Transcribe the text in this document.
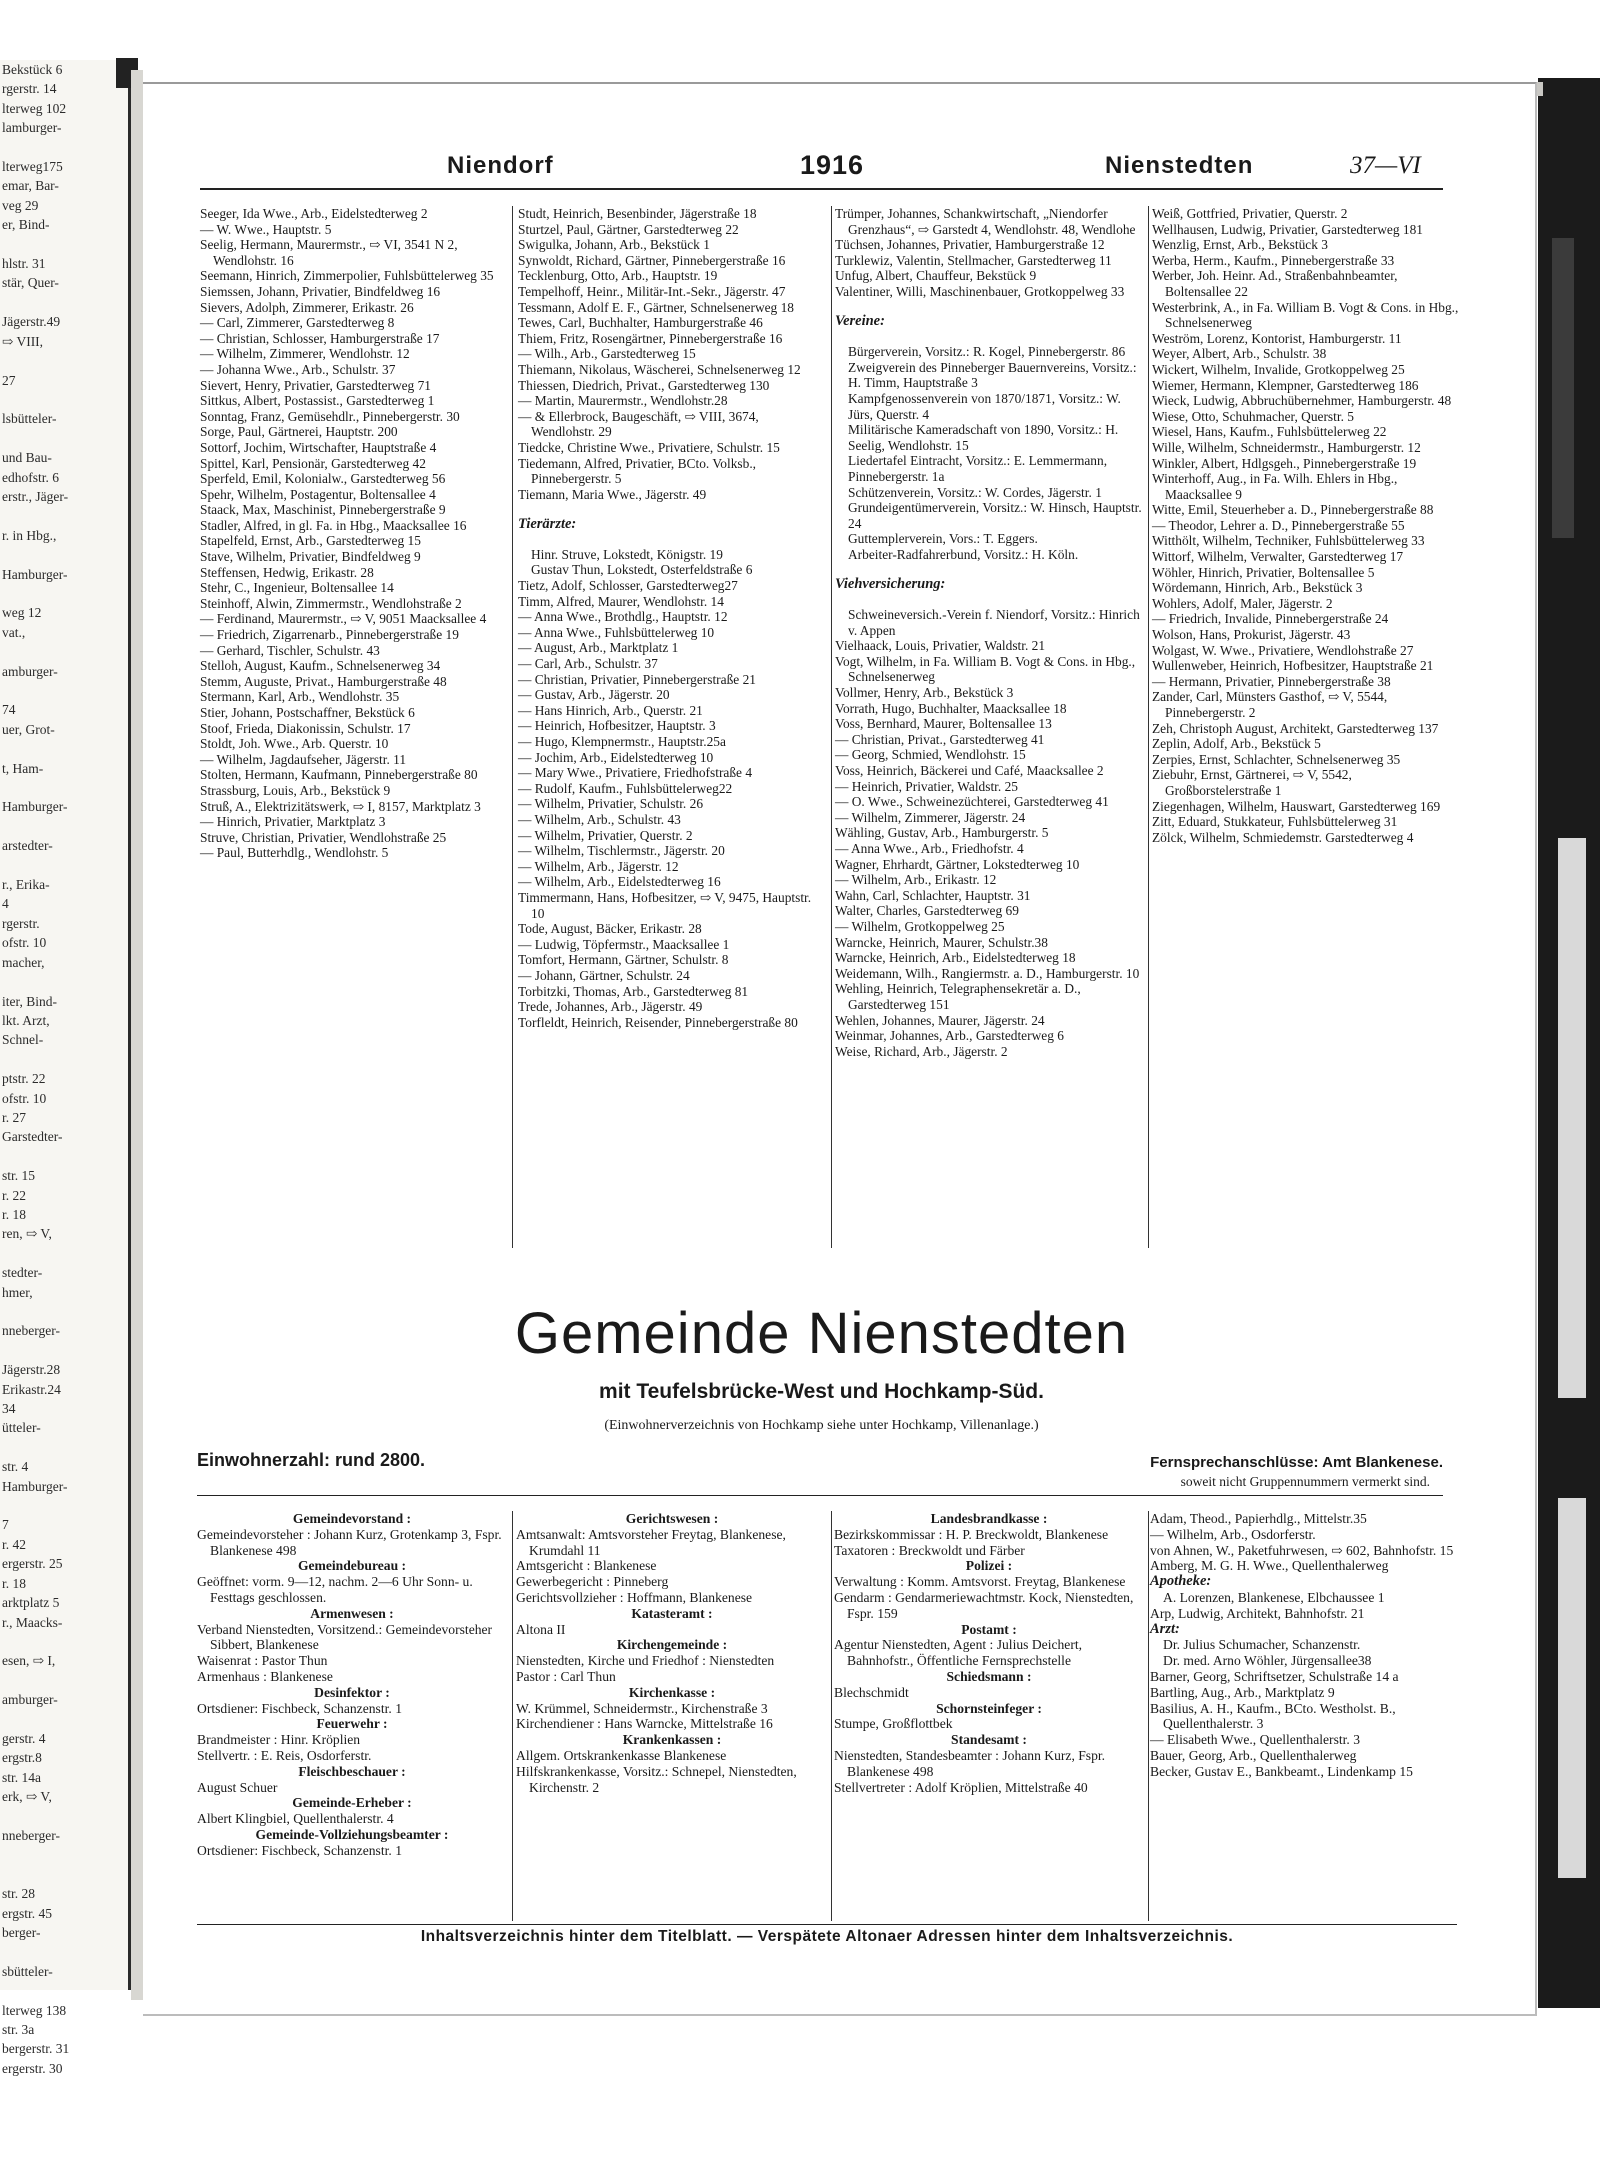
Bekstück 6
rgerstr. 14
lterweg 102
lamburger-

lterweg175
emar, Bar-
veg 29
er, Bind-

hlstr. 31
stär, Quer-

Jägerstr.49
⇨ VIII,

27

lsbütteler-

und Bau-
edhofstr. 6
erstr., Jäger-

r. in Hbg.,

Hamburger-

weg 12
vat.,

amburger-

74
uer, Grot-

t, Ham-

Hamburger-

arstedter-

r., Erika-
4
rgerstr.
ofstr. 10
macher,

iter, Bind-
lkt. Arzt,
Schnel-

ptstr. 22
ofstr. 10
r. 27
Garstedter-

str. 15
r. 22
r. 18
ren, ⇨ V,

stedter-
hmer,

nneberger-

Jägerstr.28
Erikastr.24
34
ütteler-

str. 4
Hamburger-

7
r. 42
ergerstr. 25
r. 18
arktplatz 5
r., Maacks-

esen, ⇨ I,

amburger-

gerstr. 4
ergstr.8
str. 14a
erk, ⇨ V,

nneberger-

str. 28
ergstr. 45
berger-

sbütteler-

lterweg 138
str. 3a
bergerstr. 31
ergerstr. 30

Niendorf	1916	Nienstedten	37—VI

Seeger, Ida Wwe., Arb., Eidelstedterweg 2

— W. Wwe., Hauptstr. 5

Seelig, Hermann, Maurermstr., ⇨ VI, 3541 N 2, Wendlohstr. 16

Seemann, Hinrich, Zimmerpolier, Fuhlsbüttelerweg 35

Siemssen, Johann, Privatier, Bindfeldweg 16

Sievers, Adolph, Zimmerer, Erikastr. 26

— Carl, Zimmerer, Garstedterweg 8

— Christian, Schlosser, Hamburgerstraße 17

— Wilhelm, Zimmerer, Wendlohstr. 12

— Johanna Wwe., Arb., Schulstr. 37

Sievert, Henry, Privatier, Garstedterweg 71

Sittkus, Albert, Postassist., Garstedterweg 1

Sonntag, Franz, Gemüsehdlr., Pinnebergerstr. 30

Sorge, Paul, Gärtnerei, Hauptstr. 200

Sottorf, Jochim, Wirtschafter, Hauptstraße 4

Spittel, Karl, Pensionär, Garstedterweg 42

Sperfeld, Emil, Kolonialw., Garstedterweg 56

Spehr, Wilhelm, Postagentur, Boltensallee 4

Staack, Max, Maschinist, Pinnebergerstraße 9

Stadler, Alfred, in gl. Fa. in Hbg., Maacksallee 16

Stapelfeld, Ernst, Arb., Garstedterweg 15

Stave, Wilhelm, Privatier, Bindfeldweg 9

Steffensen, Hedwig, Erikastr. 28

Stehr, C., Ingenieur, Boltensallee 14

Steinhoff, Alwin, Zimmermstr., Wendlohstraße 2

— Ferdinand, Maurermstr., ⇨ V, 9051 Maacksallee 4

— Friedrich, Zigarrenarb., Pinnebergerstraße 19

— Gerhard, Tischler, Schulstr. 43

Stelloh, August, Kaufm., Schnelsenerweg 34

Stemm, Auguste, Privat., Hamburgerstraße 48

Stermann, Karl, Arb., Wendlohstr. 35

Stier, Johann, Postschaffner, Bekstück 6

Stoof, Frieda, Diakonissin, Schulstr. 17

Stoldt, Joh. Wwe., Arb. Querstr. 10

— Wilhelm, Jagdaufseher, Jägerstr. 11

Stolten, Hermann, Kaufmann, Pinnebergerstraße 80

Strassburg, Louis, Arb., Bekstück 9

Struß, A., Elektrizitätswerk, ⇨ I, 8157, Marktplatz 3

— Hinrich, Privatier, Marktplatz 3

Struve, Christian, Privatier, Wendlohstraße 25

— Paul, Butterhdlg., Wendlohstr. 5

Studt, Heinrich, Besenbinder, Jägerstraße 18

Sturtzel, Paul, Gärtner, Garstedterweg 22

Swigulka, Johann, Arb., Bekstück 1

Synwoldt, Richard, Gärtner, Pinnebergerstraße 16

Tecklenburg, Otto, Arb., Hauptstr. 19

Tempelhoff, Heinr., Militär-Int.-Sekr., Jägerstr. 47

Tessmann, Adolf E. F., Gärtner, Schnelsenerweg 18

Tewes, Carl, Buchhalter, Hamburgerstraße 46

Thiem, Fritz, Rosengärtner, Pinnebergerstraße 16

— Wilh., Arb., Garstedterweg 15

Thiemann, Nikolaus, Wäscherei, Schnelsenerweg 12

Thiessen, Diedrich, Privat., Garstedterweg 130

— Martin, Maurermstr., Wendlohstr.28

— & Ellerbrock, Baugeschäft, ⇨ VIII, 3674, Wendlohstr. 29

Tiedcke, Christine Wwe., Privatiere, Schulstr. 15

Tiedemann, Alfred, Privatier, BCto. Volksb., Pinnebergerstr. 5

Tiemann, Maria Wwe., Jägerstr. 49

Tierärzte:

Hinr. Struve, Lokstedt, Königstr. 19

Gustav Thun, Lokstedt, Osterfeldstraße 6

Tietz, Adolf, Schlosser, Garstedterweg27

Timm, Alfred, Maurer, Wendlohstr. 14

— Anna Wwe., Brothdlg., Hauptstr. 12

— Anna Wwe., Fuhlsbüttelerweg 10

— August, Arb., Marktplatz 1

— Carl, Arb., Schulstr. 37

— Christian, Privatier, Pinnebergerstraße 21

— Gustav, Arb., Jägerstr. 20

— Hans Hinrich, Arb., Querstr. 21

— Heinrich, Hofbesitzer, Hauptstr. 3

— Hugo, Klempnermstr., Hauptstr.25a

— Jochim, Arb., Eidelstedterweg 10

— Mary Wwe., Privatiere, Friedhofstraße 4

— Rudolf, Kaufm., Fuhlsbüttelerweg22

— Wilhelm, Privatier, Schulstr. 26

— Wilhelm, Arb., Schulstr. 43

— Wilhelm, Privatier, Querstr. 2

— Wilhelm, Tischlermstr., Jägerstr. 20

— Wilhelm, Arb., Jägerstr. 12

— Wilhelm, Arb., Eidelstedterweg 16

Timmermann, Hans, Hofbesitzer, ⇨ V, 9475, Hauptstr. 10

Tode, August, Bäcker, Erikastr. 28

— Ludwig, Töpfermstr., Maacksallee 1

Tomfort, Hermann, Gärtner, Schulstr. 8

— Johann, Gärtner, Schulstr. 24

Torbitzki, Thomas, Arb., Garstedterweg 81

Trede, Johannes, Arb., Jägerstr. 49

Torfleldt, Heinrich, Reisender, Pinnebergerstraße 80

Trümper, Johannes, Schankwirtschaft, „Niendorfer Grenzhaus“, ⇨ Garstedt 4, Wendlohstr. 48, Wendlohe

Tüchsen, Johannes, Privatier, Hamburgerstraße 12

Turklewiz, Valentin, Stellmacher, Garstedterweg 11

Unfug, Albert, Chauffeur, Bekstück 9

Valentiner, Willi, Maschinenbauer, Grotkoppelweg 33

Vereine:

Bürgerverein, Vorsitz.: R. Kogel, Pinnebergerstr. 86

Zweigverein des Pinneberger Bauernvereins, Vorsitz.: H. Timm, Hauptstraße 3

Kampfgenossenverein von 1870/1871, Vorsitz.: W. Jürs, Querstr. 4

Militärische Kameradschaft von 1890, Vorsitz.: H. Seelig, Wendlohstr. 15

Liedertafel Eintracht, Vorsitz.: E. Lemmermann, Pinnebergerstr. 1a

Schützenverein, Vorsitz.: W. Cordes, Jägerstr. 1

Grundeigentümerverein, Vorsitz.: W. Hinsch, Hauptstr. 24

Guttemplerverein, Vors.: T. Eggers.

Arbeiter-Radfahrerbund, Vorsitz.: H. Köln.

Viehversicherung:

Schweineversich.-Verein f. Niendorf, Vorsitz.: Hinrich v. Appen

Vielhaack, Louis, Privatier, Waldstr. 21

Vogt, Wilhelm, in Fa. William B. Vogt & Cons. in Hbg., Schnelsenerweg

Vollmer, Henry, Arb., Bekstück 3

Vorrath, Hugo, Buchhalter, Maacksallee 18

Voss, Bernhard, Maurer, Boltensallee 13

— Christian, Privat., Garstedterweg 41

— Georg, Schmied, Wendlohstr. 15

Voss, Heinrich, Bäckerei und Café, Maacksallee 2

— Heinrich, Privatier, Waldstr. 25

— O. Wwe., Schweinezüchterei, Garstedterweg 41

— Wilhelm, Zimmerer, Jägerstr. 24

Wähling, Gustav, Arb., Hamburgerstr. 5

— Anna Wwe., Arb., Friedhofstr. 4

Wagner, Ehrhardt, Gärtner, Lokstedterweg 10

— Wilhelm, Arb., Erikastr. 12

Wahn, Carl, Schlachter, Hauptstr. 31

Walter, Charles, Garstedterweg 69

— Wilhelm, Grotkoppelweg 25

Warncke, Heinrich, Maurer, Schulstr.38

Warncke, Heinrich, Arb., Eidelstedterweg 18

Weidemann, Wilh., Rangiermstr. a. D., Hamburgerstr. 10

Wehling, Heinrich, Telegraphensekretär a. D., Garstedterweg 151

Wehlen, Johannes, Maurer, Jägerstr. 24

Weinmar, Johannes, Arb., Garstedterweg 6

Weise, Richard, Arb., Jägerstr. 2

Weiß, Gottfried, Privatier, Querstr. 2

Wellhausen, Ludwig, Privatier, Garstedterweg 181

Wenzlig, Ernst, Arb., Bekstück 3

Werba, Herm., Kaufm., Pinnebergerstraße 33

Werber, Joh. Heinr. Ad., Straßenbahnbeamter, Boltensallee 22

Westerbrink, A., in Fa. William B. Vogt & Cons. in Hbg., Schnelsenerweg

Weström, Lorenz, Kontorist, Hamburgerstr. 11

Weyer, Albert, Arb., Schulstr. 38

Wickert, Wilhelm, Invalide, Grotkoppelweg 25

Wiemer, Hermann, Klempner, Garstedterweg 186

Wieck, Ludwig, Abbruchübernehmer, Hamburgerstr. 48

Wiese, Otto, Schuhmacher, Querstr. 5

Wiesel, Hans, Kaufm., Fuhlsbüttelerweg 22

Wille, Wilhelm, Schneidermstr., Hamburgerstr. 12

Winkler, Albert, Hdlgsgeh., Pinnebergerstraße 19

Winterhoff, Aug., in Fa. Wilh. Ehlers in Hbg., Maacksallee 9

Witte, Emil, Steuerheber a. D., Pinnebergerstraße 88

— Theodor, Lehrer a. D., Pinnebergerstraße 55

Witthölt, Wilhelm, Techniker, Fuhlsbüttelerweg 33

Wittorf, Wilhelm, Verwalter, Garstedterweg 17

Wöhler, Hinrich, Privatier, Boltensallee 5

Wördemann, Hinrich, Arb., Bekstück 3

Wohlers, Adolf, Maler, Jägerstr. 2

— Friedrich, Invalide, Pinnebergerstraße 24

Wolson, Hans, Prokurist, Jägerstr. 43

Wolgast, W. Wwe., Privatiere, Wendlohstraße 27

Wullenweber, Heinrich, Hofbesitzer, Hauptstraße 21

— Hermann, Privatier, Pinnebergerstraße 38

Zander, Carl, Münsters Gasthof, ⇨ V, 5544, Pinnebergerstr. 2

Zeh, Christoph August, Architekt, Garstedterweg 137

Zeplin, Adolf, Arb., Bekstück 5

Zerpies, Ernst, Schlachter, Schnelsenerweg 35

Ziebuhr, Ernst, Gärtnerei, ⇨ V, 5542, Großborstelerstraße 1

Ziegenhagen, Wilhelm, Hauswart, Garstedterweg 169

Zitt, Eduard, Stukkateur, Fuhlsbüttelerweg 31

Zölck, Wilhelm, Schmiedemstr. Garstedterweg 4

Gemeinde Nienstedten
mit Teufelsbrücke-West und Hochkamp-Süd.
(Einwohnerverzeichnis von Hochkamp siehe unter Hochkamp, Villenanlage.)
Einwohnerzahl: rund 2800.	Fernsprechanschlüsse: Amt Blankenese.
soweit nicht Gruppennummern vermerkt sind.

Gemeindevorstand :

Gemeindevorsteher : Johann Kurz, Grotenkamp 3, Fspr. Blankenese 498

Gemeindebureau :

Geöffnet: vorm. 9—12, nachm. 2—6 Uhr Sonn- u. Festtags geschlossen.

Armenwesen :

Verband Nienstedten, Vorsitzend.: Gemeindevorsteher Sibbert, Blankenese

Waisenrat : Pastor Thun

Armenhaus : Blankenese

Desinfektor :

Ortsdiener: Fischbeck, Schanzenstr. 1

Feuerwehr :

Brandmeister : Hinr. Kröplien

Stellvertr. : E. Reis, Osdorferstr.

Fleischbeschauer :

August Schuer

Gemeinde-Erheber :

Albert Klingbiel, Quellenthalerstr. 4

Gemeinde-Vollziehungsbeamter :

Ortsdiener: Fischbeck, Schanzenstr. 1

Gerichtswesen :

Amtsanwalt: Amtsvorsteher Freytag, Blankenese, Krumdahl 11

Amtsgericht : Blankenese

Gewerbegericht : Pinneberg

Gerichtsvollzieher : Hoffmann, Blankenese

Katasteramt :

Altona II

Kirchengemeinde :

Nienstedten, Kirche und Friedhof : Nienstedten

Pastor : Carl Thun

Kirchenkasse :

W. Krümmel, Schneidermstr., Kirchenstraße 3

Kirchendiener : Hans Warncke, Mittelstraße 16

Krankenkassen :

Allgem. Ortskrankenkasse Blankenese

Hilfskrankenkasse, Vorsitz.: Schnepel, Nienstedten, Kirchenstr. 2

Landesbrandkasse :

Bezirkskommissar : H. P. Breckwoldt, Blankenese

Taxatoren : Breckwoldt und Färber

Polizei :

Verwaltung : Komm. Amtsvorst. Freytag, Blankenese

Gendarm : Gendarmeriewachtmstr. Kock, Nienstedten, Fspr. 159

Postamt :

Agentur Nienstedten, Agent : Julius Deichert, Bahnhofstr., Öffentliche Fernsprechstelle

Schiedsmann :

Blechschmidt

Schornsteinfeger :

Stumpe, Großflottbek

Standesamt :

Nienstedten, Standesbeamter : Johann Kurz, Fspr. Blankenese 498

Stellvertreter : Adolf Kröplien, Mittelstraße 40

Adam, Theod., Papierhdlg., Mittelstr.35

— Wilhelm, Arb., Osdorferstr.

von Ahnen, W., Paketfuhrwesen, ⇨ 602, Bahnhofstr. 15

Amberg, M. G. H. Wwe., Quellenthalerweg

Apotheke:

A. Lorenzen, Blankenese, Elbchaussee 1

Arp, Ludwig, Architekt, Bahnhofstr. 21

Arzt:

Dr. Julius Schumacher, Schanzenstr.

Dr. med. Arno Wöhler, Jürgensallee38

Barner, Georg, Schriftsetzer, Schulstraße 14 a

Bartling, Aug., Arb., Marktplatz 9

Basilius, A. H., Kaufm., BCto. Westholst. B., Quellenthalerstr. 3

— Elisabeth Wwe., Quellenthalerstr. 3

Bauer, Georg, Arb., Quellenthalerweg

Becker, Gustav E., Bankbeamt., Lindenkamp 15

Inhaltsverzeichnis hinter dem Titelblatt. — Verspätete Altonaer Adressen hinter dem Inhaltsverzeichnis.
